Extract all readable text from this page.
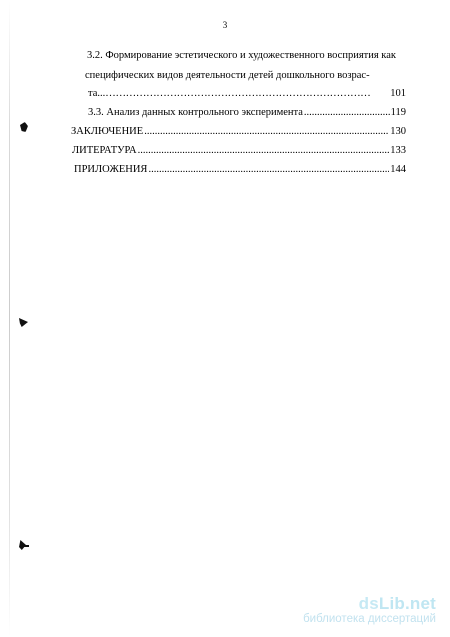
3
3.2. Формирование эстетического и художественного восприятия как
специфических видов деятельности детей дошкольного возрас-
та... ……………………………………………………………………	101
3.3. Анализ данных контрольного эксперимента .....	119
ЗАКЛЮЧЕНИЕ .....	130
ЛИТЕРАТУРА .....	133
ПРИЛОЖЕНИЯ .....	144
dsLib.net
библиотека диссертаций
